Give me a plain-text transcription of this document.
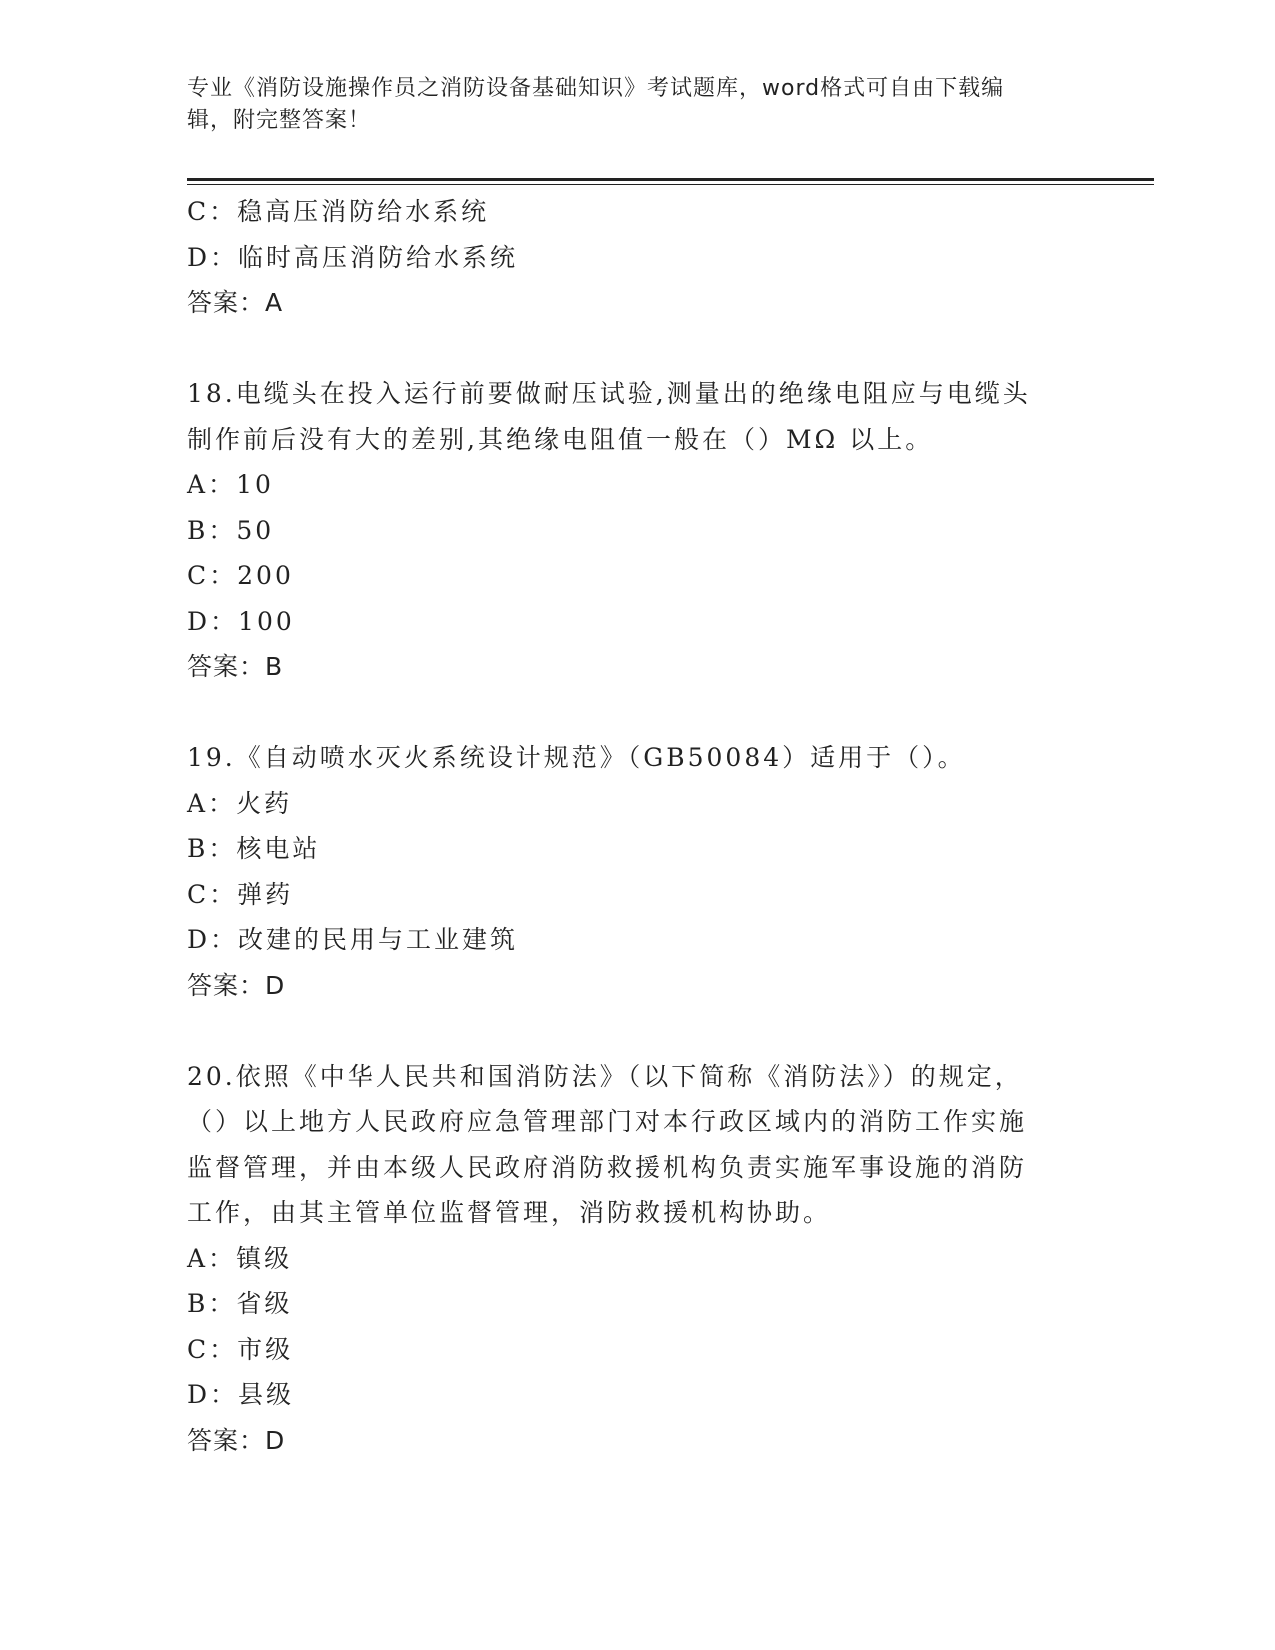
专业《消防设施操作员之消防设备基础知识》考试题库，word格式可自由下载编
辑，附完整答案！
C：稳高压消防给水系统
D：临时高压消防给水系统
答案：A
18.电缆头在投入运行前要做耐压试验,测量出的绝缘电阻应与电缆头
制作前后没有大的差别,其绝缘电阻值一般在（）MΩ 以上。
A：10
B：50
C：200
D：100
答案：B
19.《自动喷水灭火系统设计规范》（GB50084）适用于（）。
A：火药
B：核电站
C：弹药
D：改建的民用与工业建筑
答案：D
20.依照《中华人民共和国消防法》（以下简称《消防法》）的规定，
（）以上地方人民政府应急管理部门对本行政区域内的消防工作实施
监督管理，并由本级人民政府消防救援机构负责实施军事设施的消防
工作，由其主管单位监督管理，消防救援机构协助。
A：镇级
B：省级
C：市级
D：县级
答案：D
